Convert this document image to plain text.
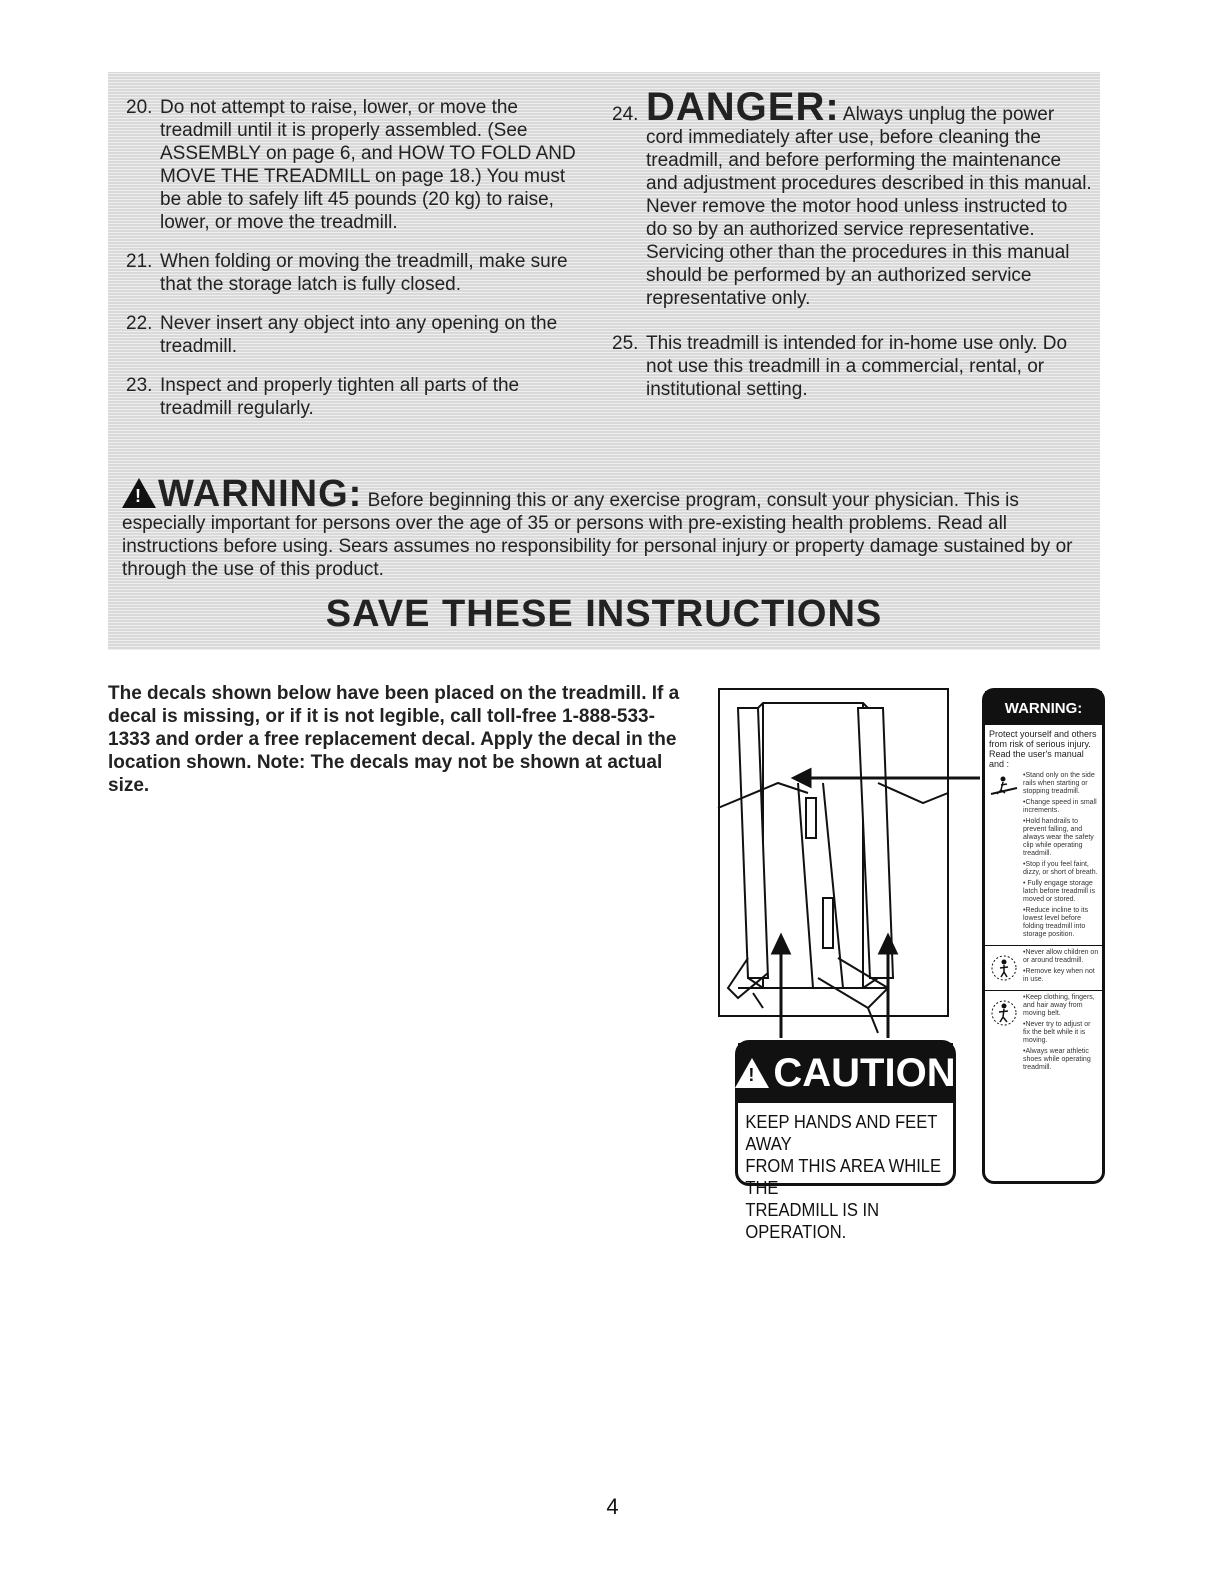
20. Do not attempt to raise, lower, or move the treadmill until it is properly assembled. (See ASSEMBLY on page 6, and HOW TO FOLD AND MOVE THE TREADMILL on page 18.) You must be able to safely lift 45 pounds (20 kg) to raise, lower, or move the treadmill.
21. When folding or moving the treadmill, make sure that the storage latch is fully closed.
22. Never insert any object into any opening on the treadmill.
23. Inspect and properly tighten all parts of the treadmill regularly.
24. DANGER: Always unplug the power cord immediately after use, before cleaning the treadmill, and before performing the maintenance and adjustment procedures described in this manual. Never remove the motor hood unless instructed to do so by an authorized service representative. Servicing other than the procedures in this manual should be performed by an authorized service representative only.
25. This treadmill is intended for in-home use only. Do not use this treadmill in a commercial, rental, or institutional setting.
!WARNING: Before beginning this or any exercise program, consult your physician. This is especially important for persons over the age of 35 or persons with pre-existing health problems. Read all instructions before using. Sears assumes no responsibility for personal injury or property damage sustained by or through the use of this product.
SAVE THESE INSTRUCTIONS
The decals shown below have been placed on the treadmill. If a decal is missing, or if it is not legible, call toll-free 1-888-533-1333 and order a free replacement decal. Apply the decal in the location shown. Note: The decals may not be shown at actual size.
!
CAUTION
KEEP HANDS AND FEET AWAY
FROM THIS AREA WHILE THE
TREADMILL IS IN OPERATION.
WARNING:
Protect yourself and others from risk of serious injury. Read the user's manual and :
•Stand only on the side rails when starting or stopping treadmill.
•Change speed in small increments.
•Hold handrails to prevent falling, and always wear the safety clip while operating treadmill.
•Stop if you feel faint, dizzy, or short of breath.
• Fully engage storage latch before treadmill is moved or stored.
•Reduce incline to its lowest level before folding treadmill into storage position.
•Never allow children on or around treadmill.
•Remove key when not in use.
•Keep clothing, fingers, and hair away from moving belt.
•Never try to adjust or fix the belt while it is moving.
•Always wear athletic shoes while operating treadmill.
4
